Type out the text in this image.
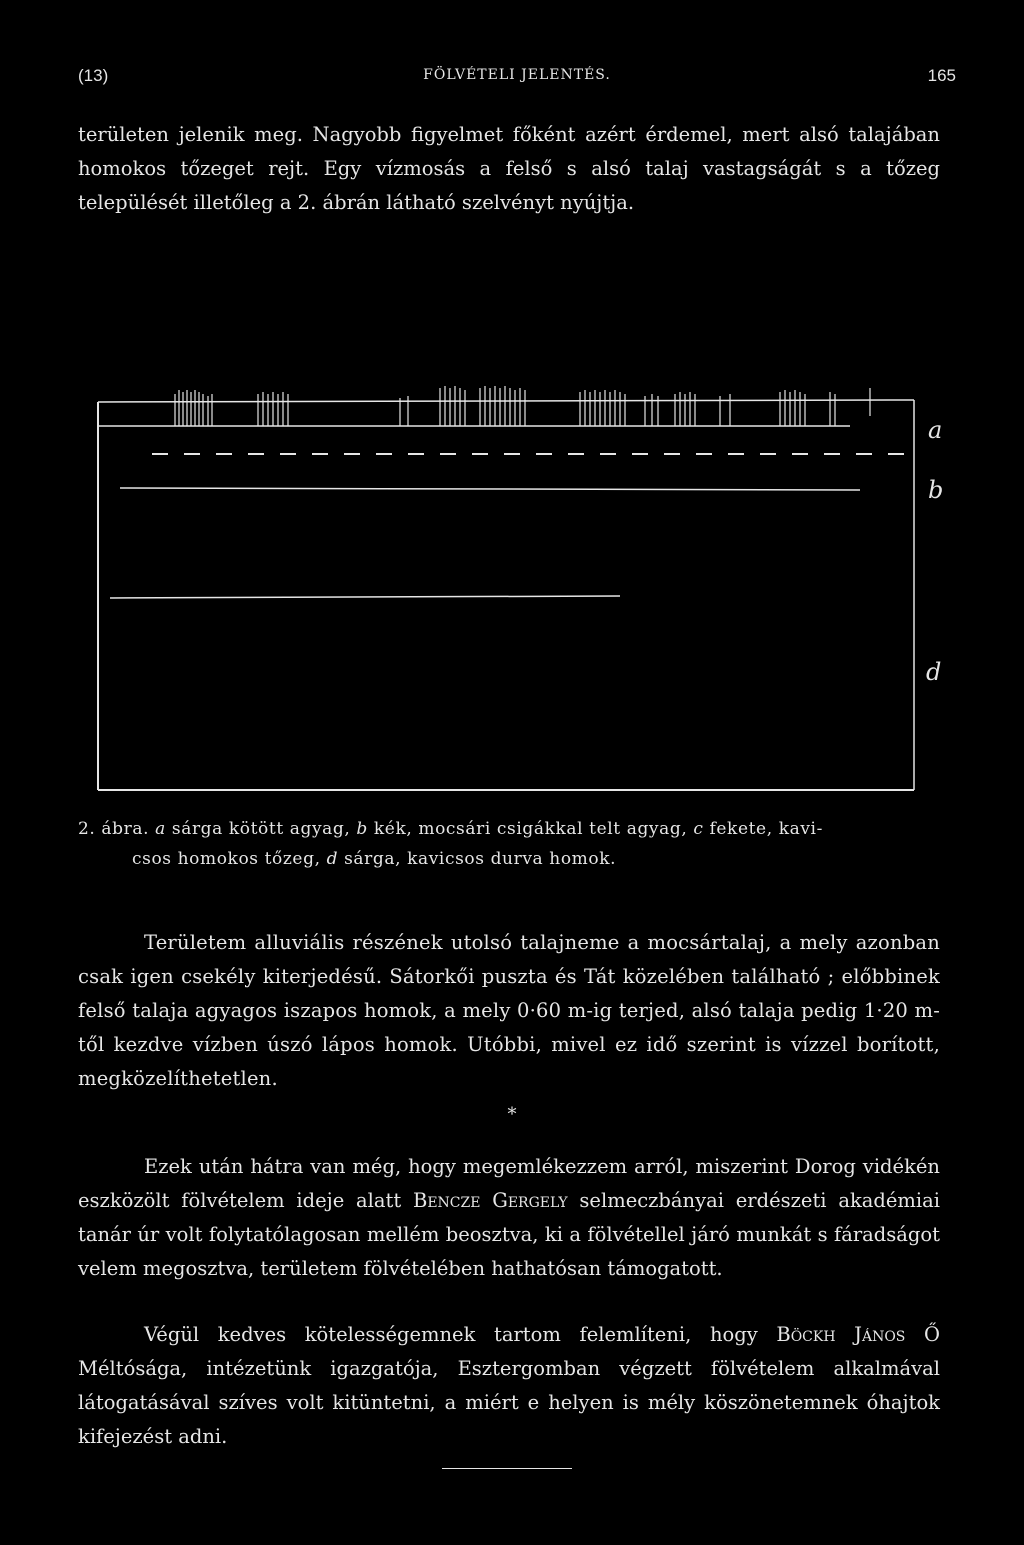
(13)	FÖLVÉTELI JELENTÉS.	165

területen jelenik meg. Nagyobb figyelmet főként azért érdemel, mert alsó talajában homokos tőzeget rejt. Egy vízmosás a felső s alsó talaj vastagságát s a tőzeg települését illetőleg a 2. ábrán látható szelvényt nyújtja.

a
b
d
2. ábra. a sárga kötött agyag, b kék, mocsári csigákkal telt agyag, c fekete, kavi-
csos homokos tőzeg, d sárga, kavicsos durva homok.

Területem alluviális részének utolsó talajneme a mocsártalaj, a mely azonban csak igen csekély kiterjedésű. Sátorkői puszta és Tát közelében található ; előbbinek felső talaja agyagos iszapos homok, a mely 0·60 m-ig terjed, alsó talaja pedig 1·20 m-től kezdve vízben úszó lápos homok. Utóbbi, mivel ez idő szerint is vízzel borított, megközelíthetetlen.

*

Ezek után hátra van még, hogy megemlékezzem arról, miszerint Dorog vidékén eszközölt fölvételem ideje alatt Bencze Gergely selmeczbányai erdészeti akadémiai tanár úr volt folytatólagosan mellém beosztva, ki a fölvétellel járó munkát s fáradságot velem megosztva, területem fölvételében hathatósan támogatott.

Végül kedves kötelességemnek tartom felemlíteni, hogy Böckh János Ő Méltósága, intézetünk igazgatója, Esztergomban végzett fölvételem alkalmával látogatásával szíves volt kitüntetni, a miért e helyen is mély köszönetemnek óhajtok kifejezést adni.
